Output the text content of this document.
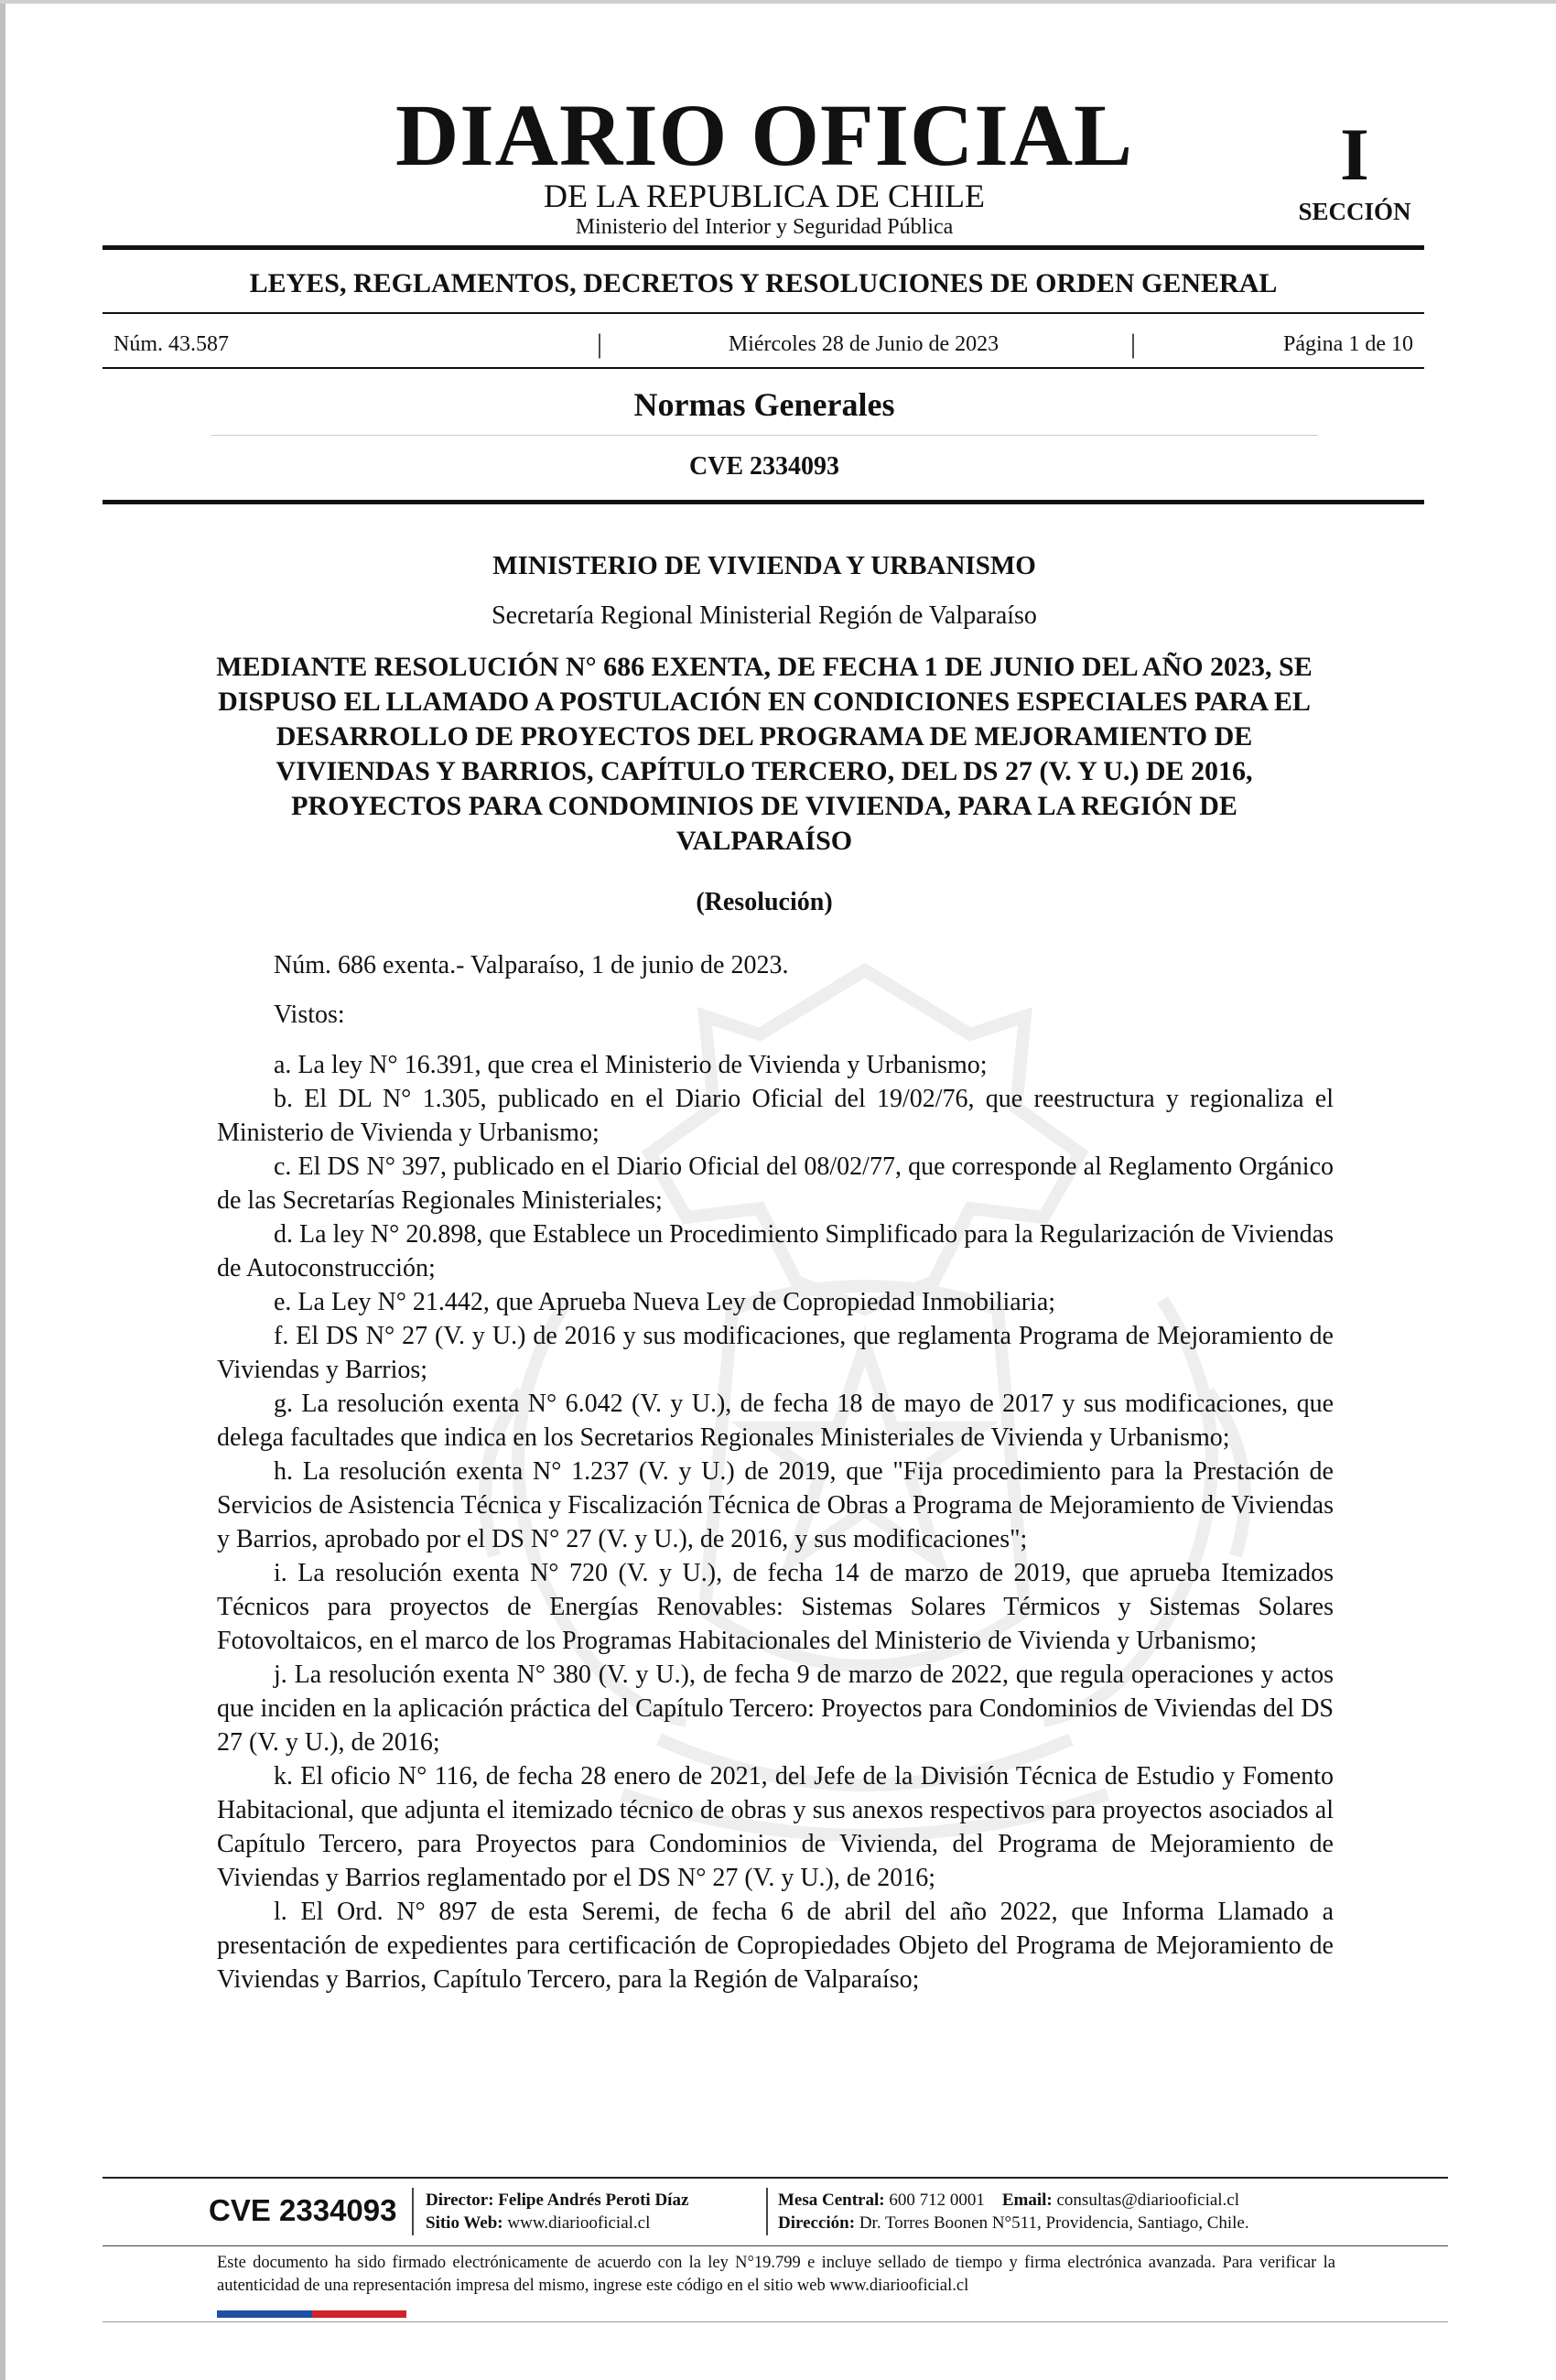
DIARIO OFICIAL
DE LA REPUBLICA DE CHILE
Ministerio del Interior y Seguridad Pública
I
SECCIÓN
LEYES, REGLAMENTOS, DECRETOS Y RESOLUCIONES DE ORDEN GENERAL
Núm. 43.587	|	Miércoles 28 de Junio de 2023	|	Página 1 de 10
Normas Generales
CVE 2334093
MINISTERIO DE VIVIENDA Y URBANISMO
Secretaría Regional Ministerial Región de Valparaíso
MEDIANTE RESOLUCIÓN N° 686 EXENTA, DE FECHA 1 DE JUNIO DEL AÑO 2023, SE DISPUSO EL LLAMADO A POSTULACIÓN EN CONDICIONES ESPECIALES PARA EL DESARROLLO DE PROYECTOS DEL PROGRAMA DE MEJORAMIENTO DE VIVIENDAS Y BARRIOS, CAPÍTULO TERCERO, DEL DS 27 (V. Y U.) DE 2016, PROYECTOS PARA CONDOMINIOS DE VIVIENDA, PARA LA REGIÓN DE VALPARAÍSO
(Resolución)

Núm. 686 exenta.- Valparaíso, 1 de junio de 2023.

Vistos:

a. La ley N° 16.391, que crea el Ministerio de Vivienda y Urbanismo;

b. El DL N° 1.305, publicado en el Diario Oficial del 19/02/76, que reestructura y regionaliza el Ministerio de Vivienda y Urbanismo;

c. El DS N° 397, publicado en el Diario Oficial del 08/02/77, que corresponde al Reglamento Orgánico de las Secretarías Regionales Ministeriales;

d. La ley N° 20.898, que Establece un Procedimiento Simplificado para la Regularización de Viviendas de Autoconstrucción;

e. La Ley N° 21.442, que Aprueba Nueva Ley de Copropiedad Inmobiliaria;

f. El DS N° 27 (V. y U.) de 2016 y sus modificaciones, que reglamenta Programa de Mejoramiento de Viviendas y Barrios;

g. La resolución exenta N° 6.042 (V. y U.), de fecha 18 de mayo de 2017 y sus modificaciones, que delega facultades que indica en los Secretarios Regionales Ministeriales de Vivienda y Urbanismo;

h. La resolución exenta N° 1.237 (V. y U.) de 2019, que "Fija procedimiento para la Prestación de Servicios de Asistencia Técnica y Fiscalización Técnica de Obras a Programa de Mejoramiento de Viviendas y Barrios, aprobado por el DS N° 27 (V. y U.), de 2016, y sus modificaciones";

i. La resolución exenta N° 720 (V. y U.), de fecha 14 de marzo de 2019, que aprueba Itemizados Técnicos para proyectos de Energías Renovables: Sistemas Solares Térmicos y Sistemas Solares Fotovoltaicos, en el marco de los Programas Habitacionales del Ministerio de Vivienda y Urbanismo;

j. La resolución exenta N° 380 (V. y U.), de fecha 9 de marzo de 2022, que regula operaciones y actos que inciden en la aplicación práctica del Capítulo Tercero: Proyectos para Condominios de Viviendas del DS 27 (V. y U.), de 2016;

k. El oficio N° 116, de fecha 28 enero de 2021, del Jefe de la División Técnica de Estudio y Fomento Habitacional, que adjunta el itemizado técnico de obras y sus anexos respectivos para proyectos asociados al Capítulo Tercero, para Proyectos para Condominios de Vivienda, del Programa de Mejoramiento de Viviendas y Barrios reglamentado por el DS N° 27 (V. y U.), de 2016;

l. El Ord. N° 897 de esta Seremi, de fecha 6 de abril del año 2022, que Informa Llamado a presentación de expedientes para certificación de Copropiedades Objeto del Programa de Mejoramiento de Viviendas y Barrios, Capítulo Tercero, para la Región de Valparaíso;

CVE 2334093 Director: Felipe Andrés Peroti Díaz
Sitio Web: www.diariooficial.cl
Mesa Central: 600 712 0001 Email: consultas@diariooficial.cl
Dirección: Dr. Torres Boonen N°511, Providencia, Santiago, Chile.
Este documento ha sido firmado electrónicamente de acuerdo con la ley N°19.799 e incluye sellado de tiempo y firma electrónica avanzada. Para verificar la autenticidad de una representación impresa del mismo, ingrese este código en el sitio web www.diariooficial.cl
